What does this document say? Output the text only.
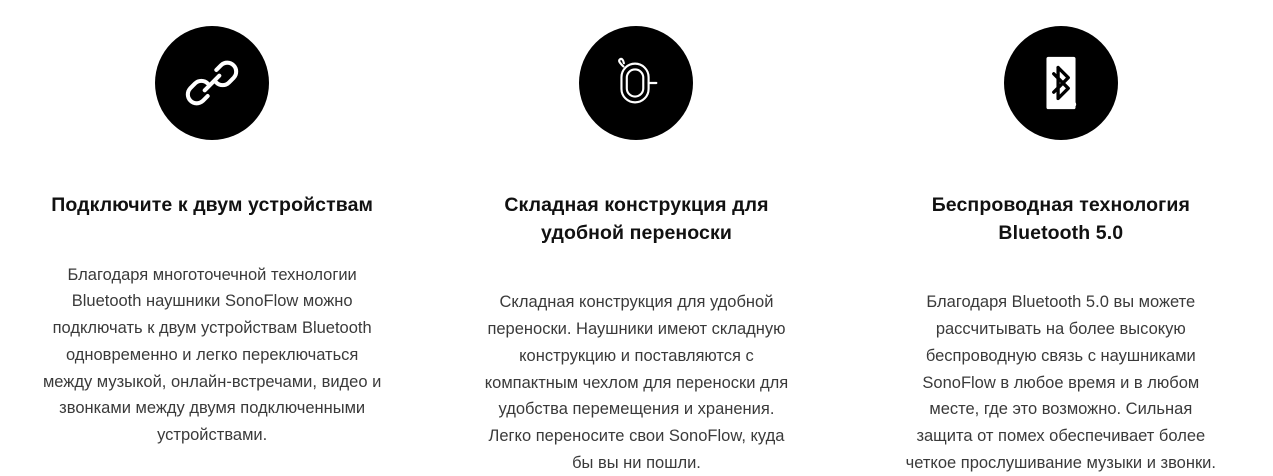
Подключите к двум устройствам
Благодаря многоточечной технологии Bluetooth наушники SonoFlow можно подключать к двум устройствам Bluetooth одновременно и легко переключаться между музыкой, онлайн-встречами, видео и звонками между двумя подключенными устройствами.
Складная конструкция для удобной переноски
Складная конструкция для удобной переноски. Наушники имеют складную конструкцию и поставляются с компактным чехлом для переноски для удобства перемещения и хранения. Легко переносите свои SonoFlow, куда бы вы ни пошли.
R
Беспроводная технология Bluetooth 5.0
Благодаря Bluetooth 5.0 вы можете рассчитывать на более высокую беспроводную связь с наушниками SonoFlow в любое время и в любом месте, где это возможно. Сильная защита от помех обеспечивает более четкое прослушивание музыки и звонки.
